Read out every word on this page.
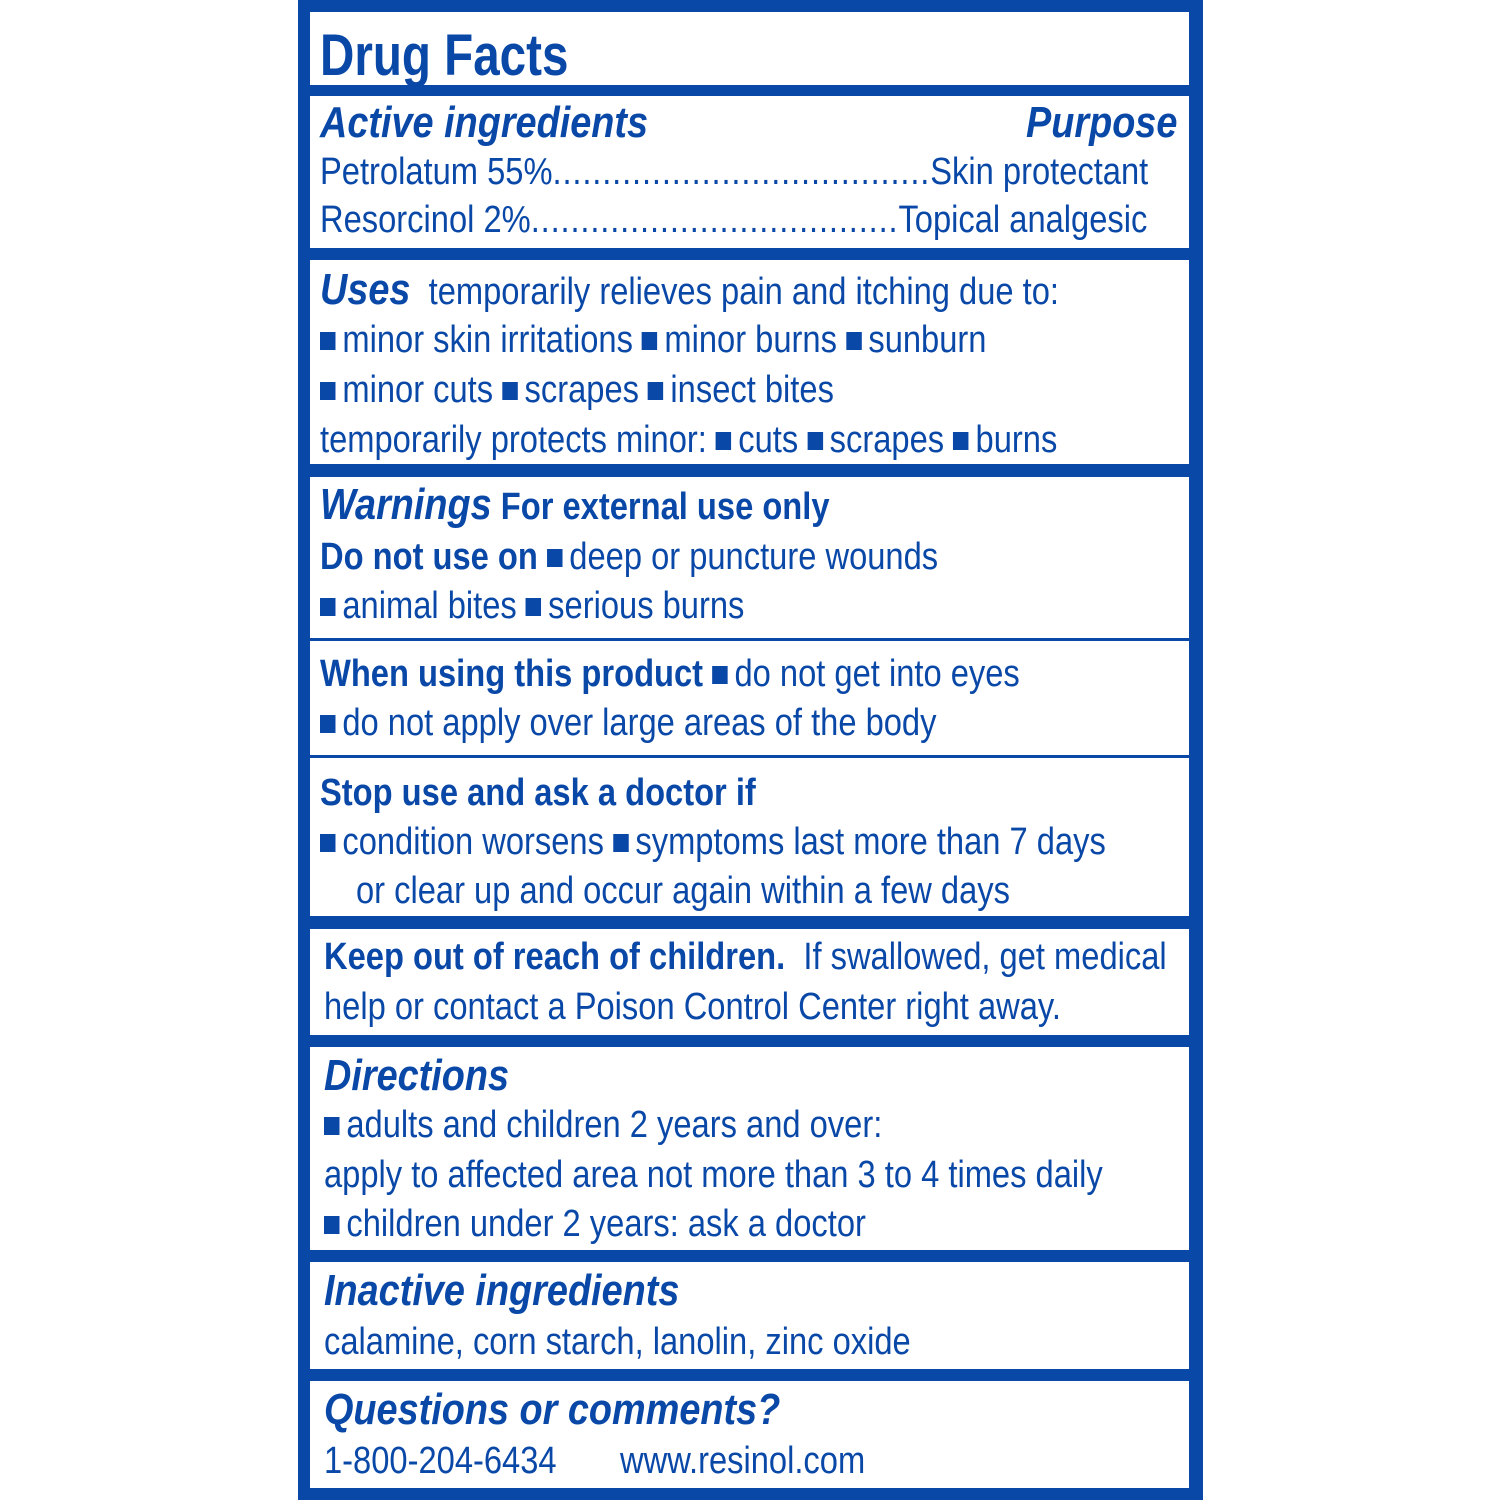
Drug Facts
Active ingredients	Purpose
Petrolatum 55%......................................Skin protectant
Resorcinol 2%.....................................Topical analgesic
Uses temporarily relieves pain and itching due to:
minor skin irritations minor burns sunburn
minor cuts scrapes insect bites
temporarily protects minor: cuts scrapes burns
Warnings For external use only
Do not use on deep or puncture wounds
animal bites serious burns
When using this product do not get into eyes
do not apply over large areas of the body
Stop use and ask a doctor if
condition worsens symptoms last more than 7 days
or clear up and occur again within a few days
Keep out of reach of children. If swallowed, get medical
help or contact a Poison Control Center right away.
Directions
adults and children 2 years and over:
apply to affected area not more than 3 to 4 times daily
children under 2 years: ask a doctor
Inactive ingredients
calamine, corn starch, lanolin, zinc oxide
Questions or comments?
1-800-204-6434 www.resinol.com
